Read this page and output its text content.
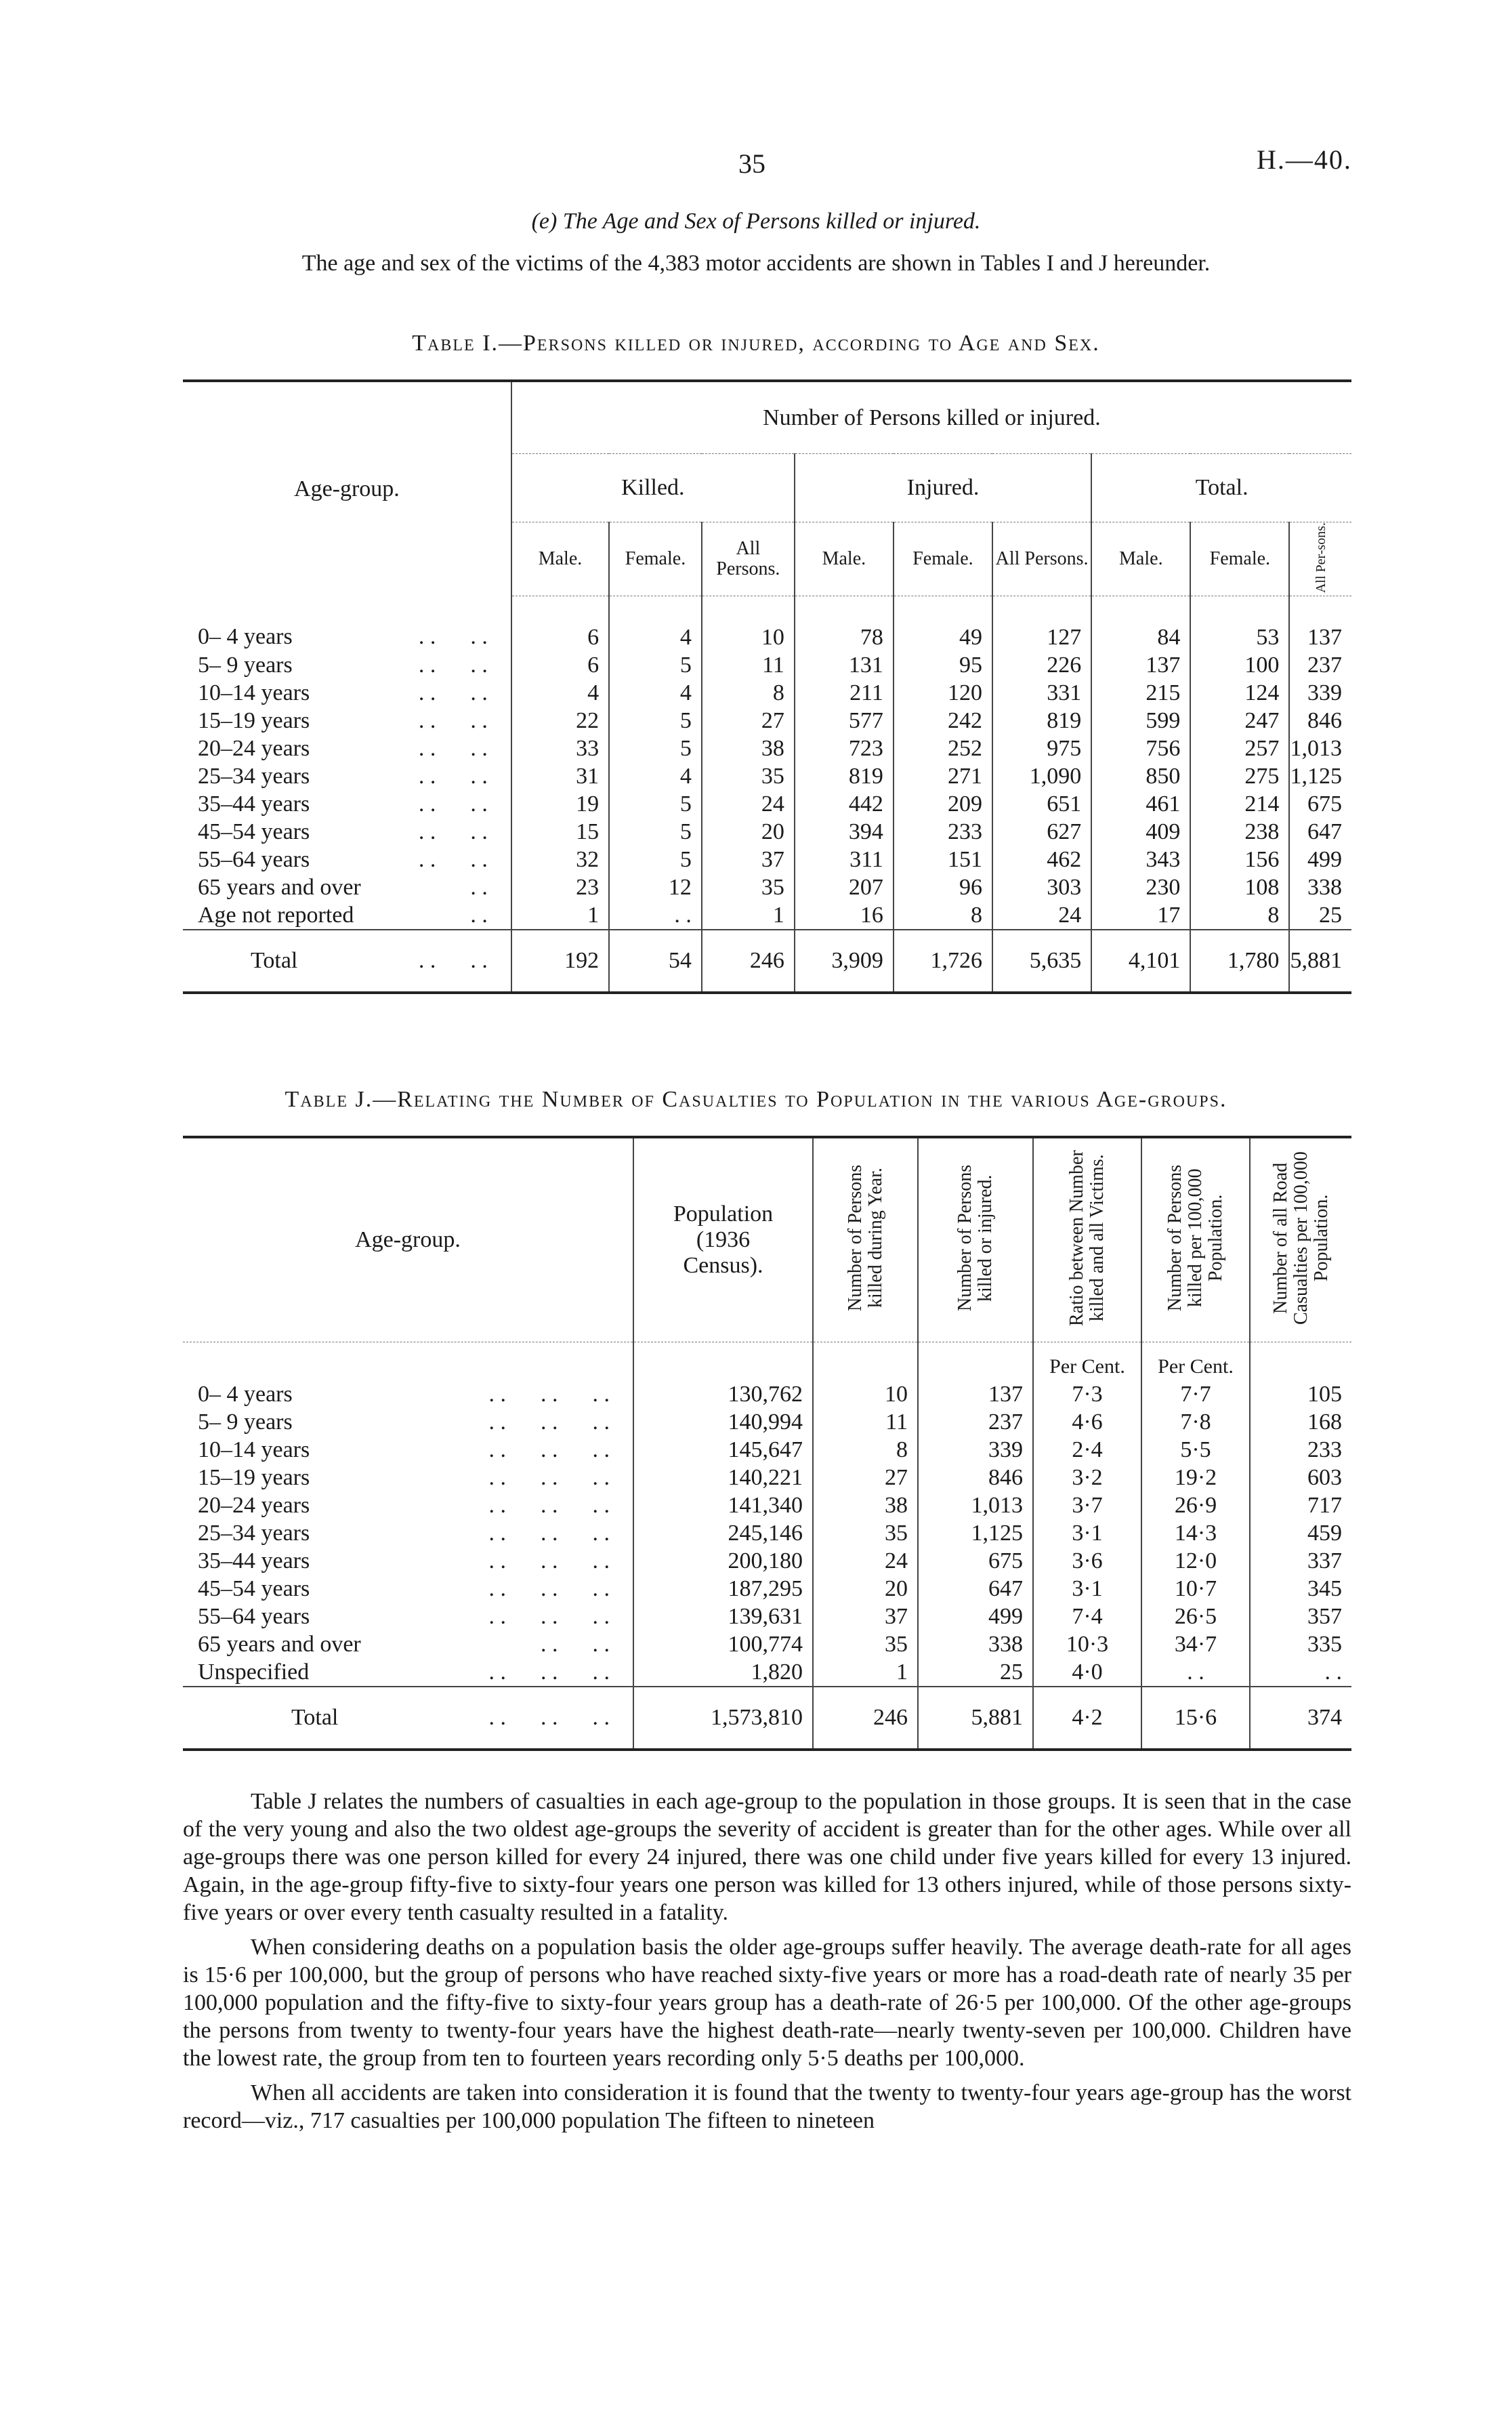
35	H.—40.
(e) The Age and Sex of Persons killed or injured.
The age and sex of the victims of the 4,383 motor accidents are shown in Tables I and J hereunder.
Table I.—Persons killed or injured, according to Age and Sex.
Age-group.	Number of Persons killed or injured.								
	Killed.			Injured.			Total.		
	Male.	Female.	All Persons.	Male.	Female.	All Persons.	Male.	Female.	All Per-sons.
0– 4 years . .      . .	6	4	10	78	49	127	84	53	137
5– 9 years . .      . .	6	5	11	131	95	226	137	100	237
10–14 years . .      . .	4	4	8	211	120	331	215	124	339
15–19 years . .      . .	22	5	27	577	242	819	599	247	846
20–24 years . .      . .	33	5	38	723	252	975	756	257	1,013
25–34 years . .      . .	31	4	35	819	271	1,090	850	275	1,125
35–44 years . .      . .	19	5	24	442	209	651	461	214	675
45–54 years . .      . .	15	5	20	394	233	627	409	238	647
55–64 years . .      . .	32	5	37	311	151	462	343	156	499
65 years and over . .	23	12	35	207	96	303	230	108	338
Age not reported . .	1	. .	1	16	8	24	17	8	25
Total . .      . .	192	54	246	3,909	1,726	5,635	4,101	1,780	5,881
Table J.—Relating the Number of Casualties to Population in the various Age-groups.
Age-group.	Population (1936 Census).	Number of Persons killed during Year.	Number of Persons killed or injured.	Ratio between Number killed and all Victims.	Number of Persons killed per 100,000 Population.	Number of all Road Casualties per 100,000 Population.
				Per Cent.	Per Cent.	
0– 4 years . .      . .      . .	130,762	10	137	7·3	7·7	105
5– 9 years . .      . .      . .	140,994	11	237	4·6	7·8	168
10–14 years . .      . .      . .	145,647	8	339	2·4	5·5	233
15–19 years . .      . .      . .	140,221	27	846	3·2	19·2	603
20–24 years . .      . .      . .	141,340	38	1,013	3·7	26·9	717
25–34 years . .      . .      . .	245,146	35	1,125	3·1	14·3	459
35–44 years . .      . .      . .	200,180	24	675	3·6	12·0	337
45–54 years . .      . .      . .	187,295	20	647	3·1	10·7	345
55–64 years . .      . .      . .	139,631	37	499	7·4	26·5	357
65 years and over . .      . .	100,774	35	338	10·3	34·7	335
Unspecified . .      . .      . .	1,820	1	25	4·0	. .	. .
Total . .      . .      . .	1,573,810	246	5,881	4·2	15·6	374

Table J relates the numbers of casualties in each age-group to the population in those groups. It is seen that in the case of the very young and also the two oldest age-groups the severity of accident is greater than for the other ages. While over all age-groups there was one person killed for every 24 injured, there was one child under five years killed for every 13 injured. Again, in the age-group fifty-five to sixty-four years one person was killed for 13 others injured, while of those persons sixty-five years or over every tenth casualty resulted in a fatality.

When considering deaths on a population basis the older age-groups suffer heavily. The average death-rate for all ages is 15·6 per 100,000, but the group of persons who have reached sixty-five years or more has a road-death rate of nearly 35 per 100,000 population and the fifty-five to sixty-four years group has a death-rate of 26·5 per 100,000. Of the other age-groups the persons from twenty to twenty-four years have the highest death-rate—nearly twenty-seven per 100,000. Children have the lowest rate, the group from ten to fourteen years recording only 5·5 deaths per 100,000.

When all accidents are taken into consideration it is found that the twenty to twenty-four years age-group has the worst record—viz., 717 casualties per 100,000 population The fifteen to nineteen
